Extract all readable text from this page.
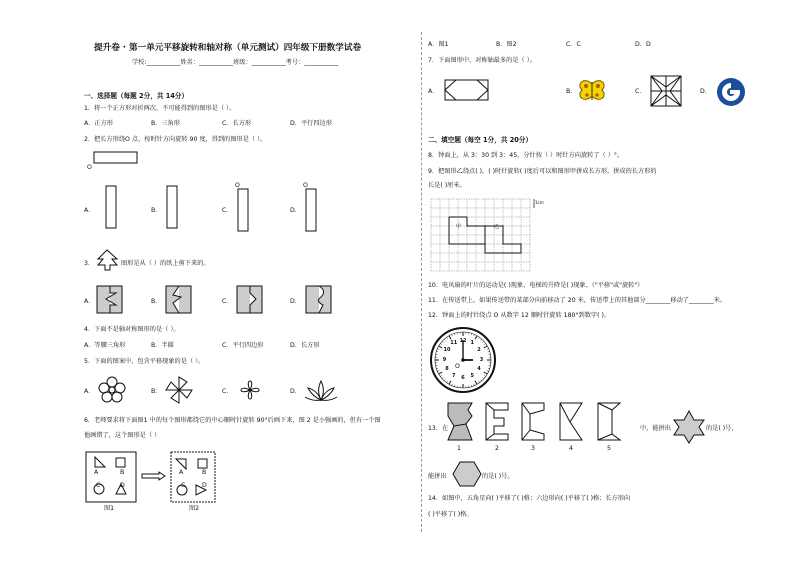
提升卷 · 第一单元平移旋转和轴对称（单元测试）四年级下册数学试卷
学校:___________姓名：___________班级：___________考号：___________
一、选择题（每题 2分，共 14分）
1．将一个正方形对折两次，不可能得到的图形是（ ）。
A．正方形	B．三角形	C．长方形	D．平行四边形
2．把长方形绕O 点，按时针方向旋转 90 度，得到的图形是（ ）。
O
A．	B．	C．
O
D．
O
3．	图形是从（ ）的纸上剪下来的。
A．	B．	C．	D．
4．下面不是轴对称图形的是（ ）。
A．等腰三角形	B．半圆	C．平行四边形	D．长方形
5．下面的图案中，包含平移现象的是（ ）。
A．	B．	C．	D．
6．老师要求将下面图1 中的每个图形都绕它的中心顺时针旋转 90°后画下来，图 2 是小强画的，但有一个图
他画错了，这个图形是（ ）
A	B
C	D
图1
A	B
C	D
图2
A．图1	B．图2	C．C	D．D
7．下面图形中，对称轴最多的是（ ）。
A．	B．	C．	D．
二、填空题（每空 1分，共 20分）
8．钟面上，从 3：30 到 3：45，分针按（ ）时针方向旋转了（ ）°。
9．把图形乙绕点( )，( )时针旋转( )度后可以和图形甲拼成长方形。拼成的长方形的
长是( )厘米。
甲	乙
1cm
10．电风扇的叶片的运动是( )现象，电梯的升降是( )现象。（"平移"或"旋转"）
11．在传送带上，如果传送带的某部分向前移动了 20 米，传送带上的其他部分________移动了________米。
12．钟面上的时针绕点 O 从数字 12 顺时针旋转 180°到数字( )。
12 1
2
3
4
5
6
7
8
9
10
11
O
13．在
1	2	3	4	5
中，能拼出	的是( )号，
能拼出	的是( )号。
14．如图中，五角星向( )平移了( )格；六边形向( )平移了( )格；长方形向
( )平移了( )格。
